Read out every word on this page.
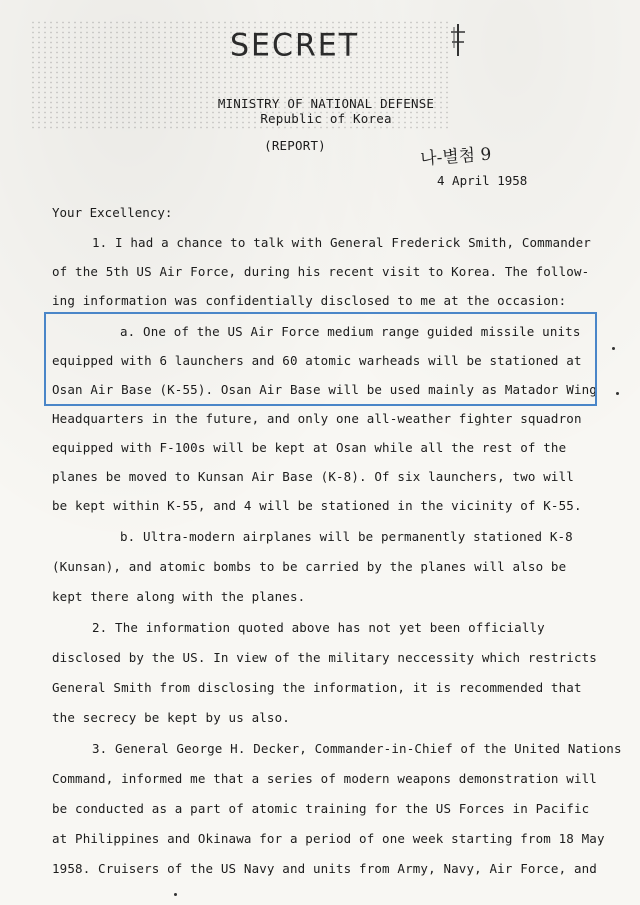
SECRET
MINISTRY OF NATIONAL DEFENSE
Republic of Korea
(REPORT)	나-별첨 9
4 April 1958
Your Excellency:
1. I had a chance to talk with General Frederick Smith, Commander
of the 5th US Air Force, during his recent visit to Korea. The follow-
ing information was confidentially disclosed to me at the occasion:
a. One of the US Air Force medium range guided missile units
equipped with 6 launchers and 60 atomic warheads will be stationed at
Osan Air Base (K-55). Osan Air Base will be used mainly as Matador Wing
Headquarters in the future, and only one all-weather fighter squadron
equipped with F-100s will be kept at Osan while all the rest of the
planes be moved to Kunsan Air Base (K-8). Of six launchers, two will
be kept within K-55, and 4 will be stationed in the vicinity of K-55.
b. Ultra-modern airplanes will be permanently stationed K-8
(Kunsan), and atomic bombs to be carried by the planes will also be
kept there along with the planes.
2. The information quoted above has not yet been officially
disclosed by the US. In view of the military neccessity which restricts
General Smith from disclosing the information, it is recommended that
the secrecy be kept by us also.
3. General George H. Decker, Commander-in-Chief of the United Nations
Command, informed me that a series of modern weapons demonstration will
be conducted as a part of atomic training for the US Forces in Pacific
at Philippines and Okinawa for a period of one week starting from 18 May
1958. Cruisers of the US Navy and units from Army, Navy, Air Force, and
